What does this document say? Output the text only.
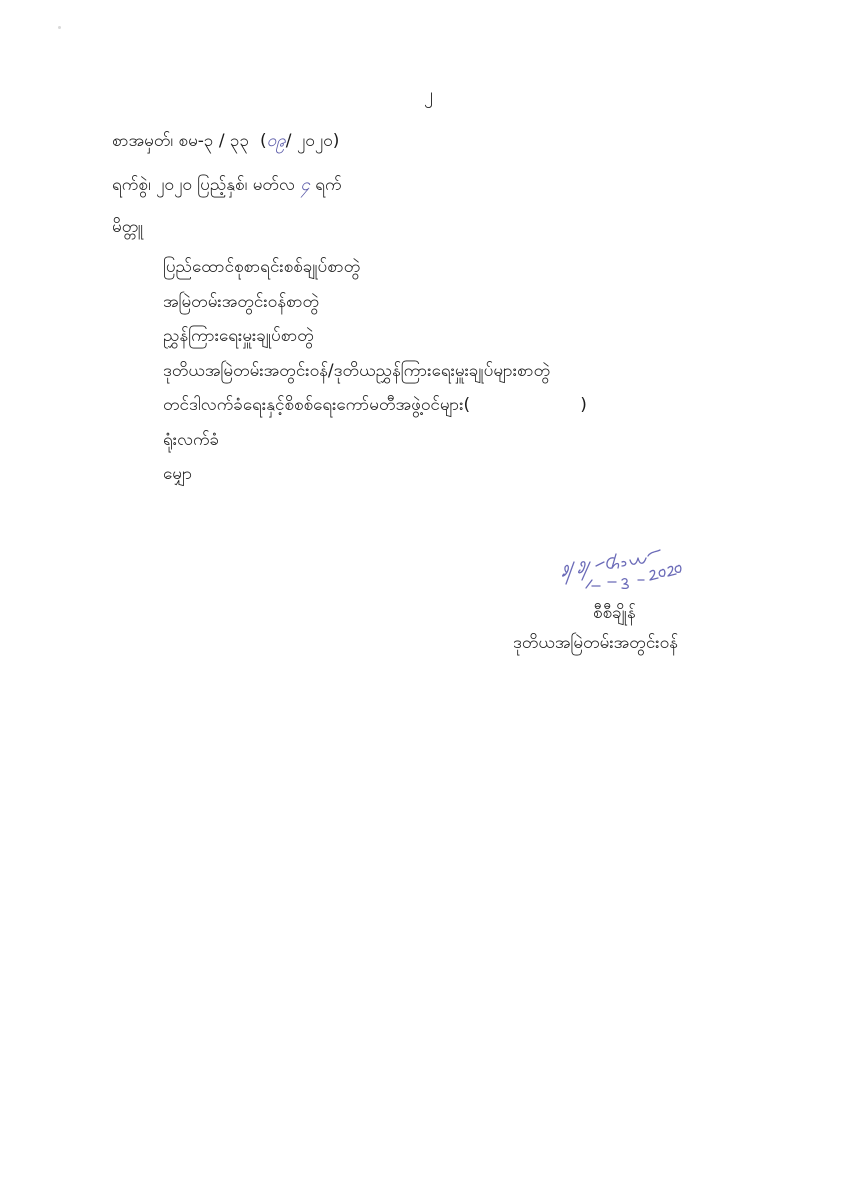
၂
စာအမှတ်၊ စမ-၃ / ၃၃  (၀၉/ ၂၀၂၀)
ရက်စွဲ၊ ၂၀၂၀ ပြည့်နှစ်၊ မတ်လ ၄ ရက်
မိတ္တူ
ပြည်ထောင်စုစာရင်းစစ်ချုပ်စာတွဲ
အမြဲတမ်းအတွင်းဝန်စာတွဲ
ညွှန်ကြားရေးမှူးချုပ်စာတွဲ
ဒုတိယအမြဲတမ်းအတွင်းဝန်/ဒုတိယညွှန်ကြားရေးမှူးချုပ်များစာတွဲ
တင်ဒါလက်ခံရေးနှင့်စိစစ်ရေးကော်မတီအဖွဲ့ဝင်များ(	)
ရုံးလက်ခံ
မျှော
စီစီချိုန်
ဒုတိယအမြဲတမ်းအတွင်းဝန်
